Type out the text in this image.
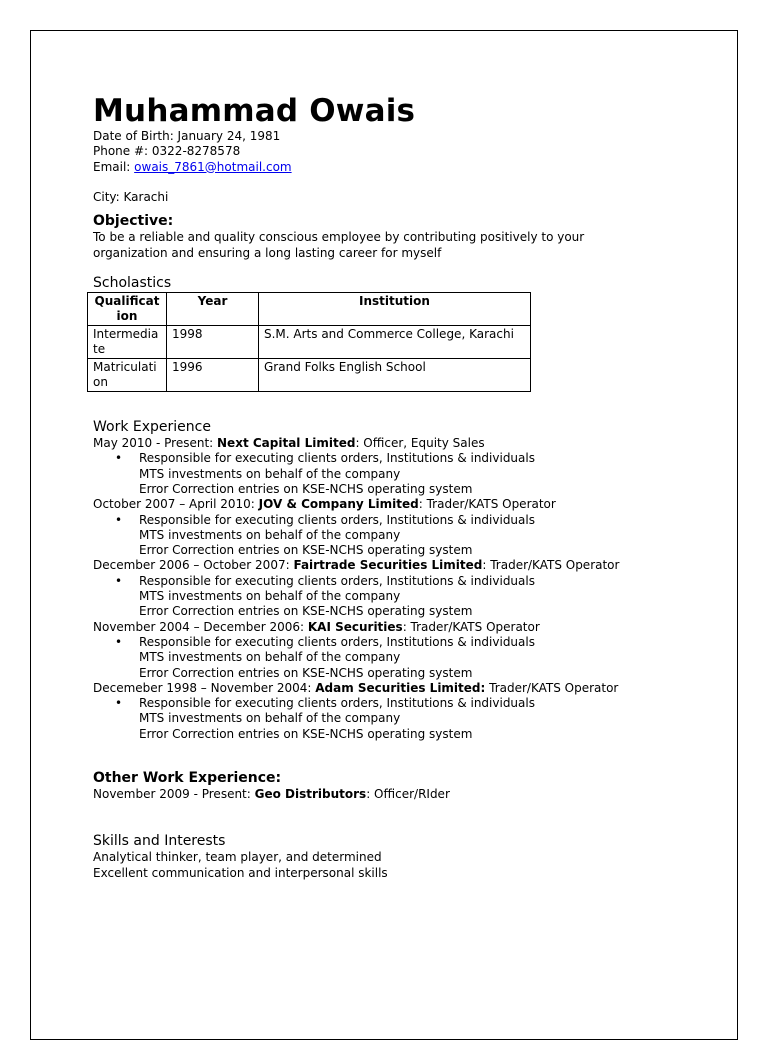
Muhammad Owais
Date of Birth: January 24, 1981
Phone #: 0322-8278578
Email: owais_7861@hotmail.com
City: Karachi
Objective:
To be a reliable and quality conscious employee by contributing positively to your
organization and ensuring a long lasting career for myself
Scholastics
Qualificat ion	Year	Institution
Intermedia te	1998	S.M. Arts and Commerce College, Karachi
Matriculati on	1996	Grand Folks English School
Work Experience
May 2010 - Present: Next Capital Limited: Officer, Equity Sales
• Responsible for executing clients orders, Institutions & individuals
MTS investments on behalf of the company
Error Correction entries on KSE-NCHS operating system
October 2007 – April 2010: JOV & Company Limited: Trader/KATS Operator
• Responsible for executing clients orders, Institutions & individuals
MTS investments on behalf of the company
Error Correction entries on KSE-NCHS operating system
December 2006 – October 2007: Fairtrade Securities Limited: Trader/KATS Operator
• Responsible for executing clients orders, Institutions & individuals
MTS investments on behalf of the company
Error Correction entries on KSE-NCHS operating system
November 2004 – December 2006: KAI Securities: Trader/KATS Operator
• Responsible for executing clients orders, Institutions & individuals
MTS investments on behalf of the company
Error Correction entries on KSE-NCHS operating system
Decemeber 1998 – November 2004: Adam Securities Limited: Trader/KATS Operator
• Responsible for executing clients orders, Institutions & individuals
MTS investments on behalf of the company
Error Correction entries on KSE-NCHS operating system
Other Work Experience:
November 2009 - Present: Geo Distributors: Officer/RIder
Skills and Interests
Analytical thinker, team player, and determined
Excellent communication and interpersonal skills
